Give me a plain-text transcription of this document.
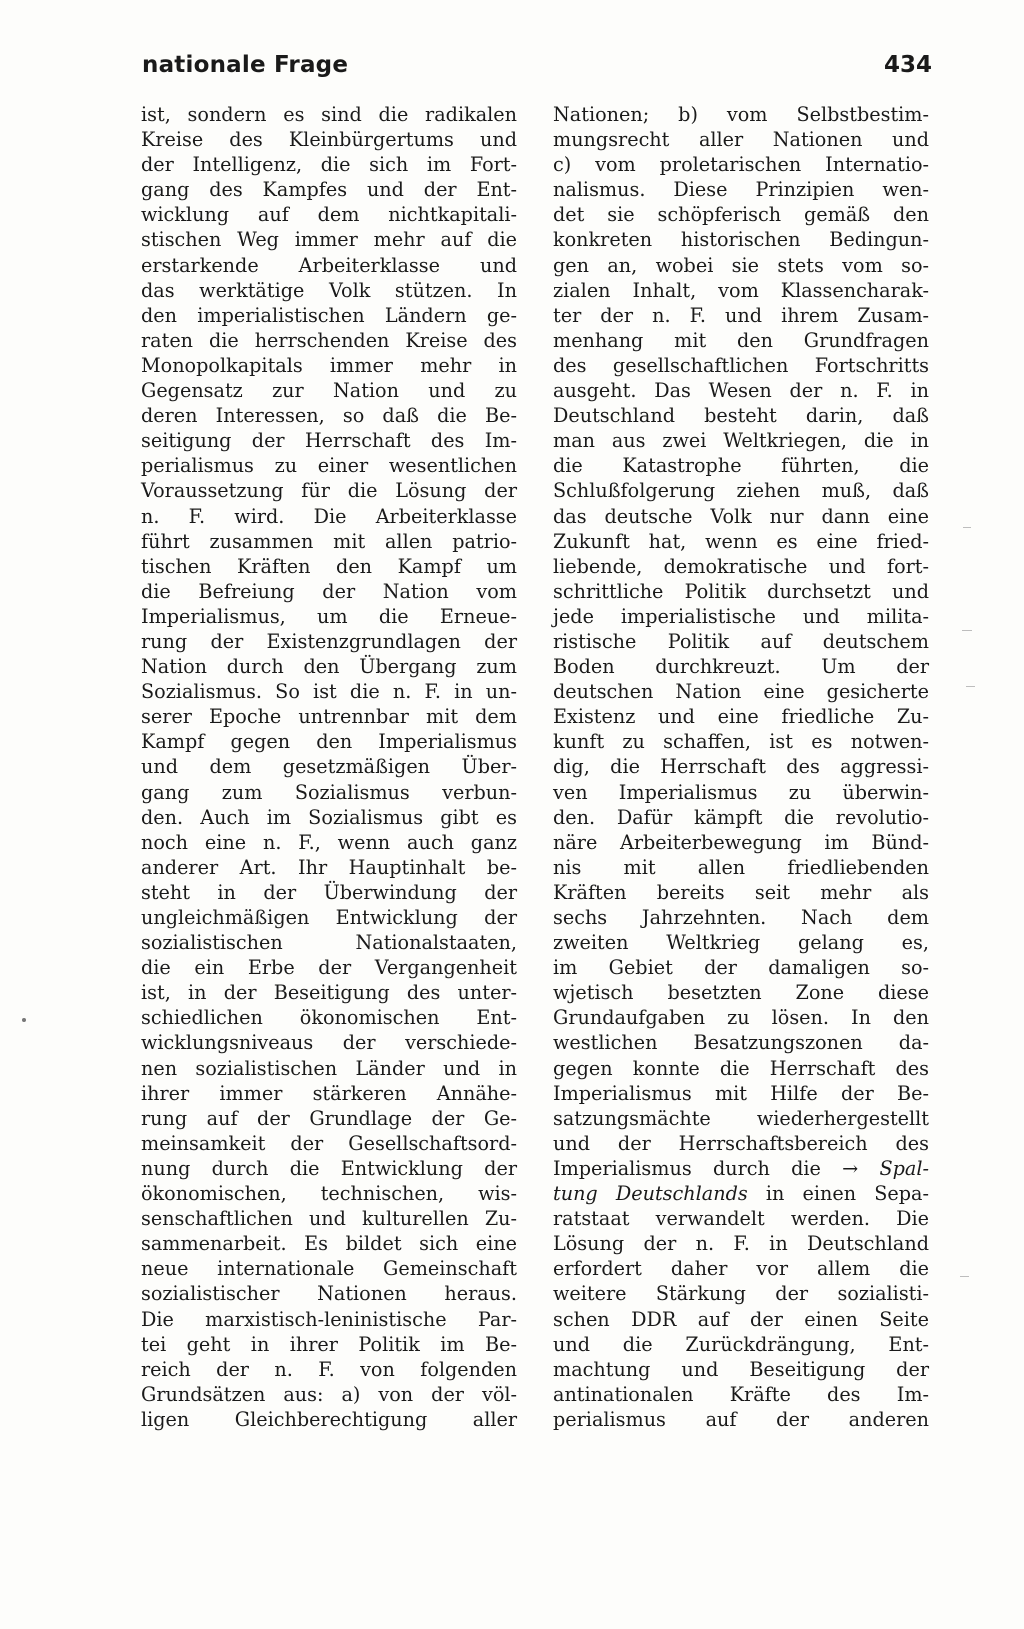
nationale Frage	434
ist, sondern es sind die radikalen
Kreise des Kleinbürgertums und
der Intelligenz, die sich im Fort-
gang des Kampfes und der Ent-
wicklung auf dem nichtkapitali-
stischen Weg immer mehr auf die
erstarkende Arbeiterklasse und
das werktätige Volk stützen. In
den imperialistischen Ländern ge-
raten die herrschenden Kreise des
Monopolkapitals immer mehr in
Gegensatz zur Nation und zu
deren Interessen, so daß die Be-
seitigung der Herrschaft des Im-
perialismus zu einer wesentlichen
Voraussetzung für die Lösung der
n. F. wird. Die Arbeiterklasse
führt zusammen mit allen patrio-
tischen Kräften den Kampf um
die Befreiung der Nation vom
Imperialismus, um die Erneue-
rung der Existenzgrundlagen der
Nation durch den Übergang zum
Sozialismus. So ist die n. F. in un-
serer Epoche untrennbar mit dem
Kampf gegen den Imperialismus
und dem gesetzmäßigen Über-
gang zum Sozialismus verbun-
den. Auch im Sozialismus gibt es
noch eine n. F., wenn auch ganz
anderer Art. Ihr Hauptinhalt be-
steht in der Überwindung der
ungleichmäßigen Entwicklung der
sozialistischen Nationalstaaten,
die ein Erbe der Vergangenheit
ist, in der Beseitigung des unter-
schiedlichen ökonomischen Ent-
wicklungsniveaus der verschiede-
nen sozialistischen Länder und in
ihrer immer stärkeren Annähe-
rung auf der Grundlage der Ge-
meinsamkeit der Gesellschaftsord-
nung durch die Entwicklung der
ökonomischen, technischen, wis-
senschaftlichen und kulturellen Zu-
sammenarbeit. Es bildet sich eine
neue internationale Gemeinschaft
sozialistischer Nationen heraus.
Die marxistisch-leninistische Par-
tei geht in ihrer Politik im Be-
reich der n. F. von folgenden
Grundsätzen aus: a) von der völ-
ligen Gleichberechtigung aller
Nationen; b) vom Selbstbestim-
mungsrecht aller Nationen und
c) vom proletarischen Internatio-
nalismus. Diese Prinzipien wen-
det sie schöpferisch gemäß den
konkreten historischen Bedingun-
gen an, wobei sie stets vom so-
zialen Inhalt, vom Klassencharak-
ter der n. F. und ihrem Zusam-
menhang mit den Grundfragen
des gesellschaftlichen Fortschritts
ausgeht. Das Wesen der n. F. in
Deutschland besteht darin, daß
man aus zwei Weltkriegen, die in
die Katastrophe führten, die
Schlußfolgerung ziehen muß, daß
das deutsche Volk nur dann eine
Zukunft hat, wenn es eine fried-
liebende, demokratische und fort-
schrittliche Politik durchsetzt und
jede imperialistische und milita-
ristische Politik auf deutschem
Boden durchkreuzt. Um der
deutschen Nation eine gesicherte
Existenz und eine friedliche Zu-
kunft zu schaffen, ist es notwen-
dig, die Herrschaft des aggressi-
ven Imperialismus zu überwin-
den. Dafür kämpft die revolutio-
näre Arbeiterbewegung im Bünd-
nis mit allen friedliebenden
Kräften bereits seit mehr als
sechs Jahrzehnten. Nach dem
zweiten Weltkrieg gelang es,
im Gebiet der damaligen so-
wjetisch besetzten Zone diese
Grundaufgaben zu lösen. In den
westlichen Besatzungszonen da-
gegen konnte die Herrschaft des
Imperialismus mit Hilfe der Be-
satzungsmächte wiederhergestellt
und der Herrschaftsbereich des
Imperialismus durch die → Spal-
tung Deutschlands in einen Sepa-
ratstaat verwandelt werden. Die
Lösung der n. F. in Deutschland
erfordert daher vor allem die
weitere Stärkung der sozialisti-
schen DDR auf der einen Seite
und die Zurückdrängung, Ent-
machtung und Beseitigung der
antinationalen Kräfte des Im-
perialismus auf der anderen
